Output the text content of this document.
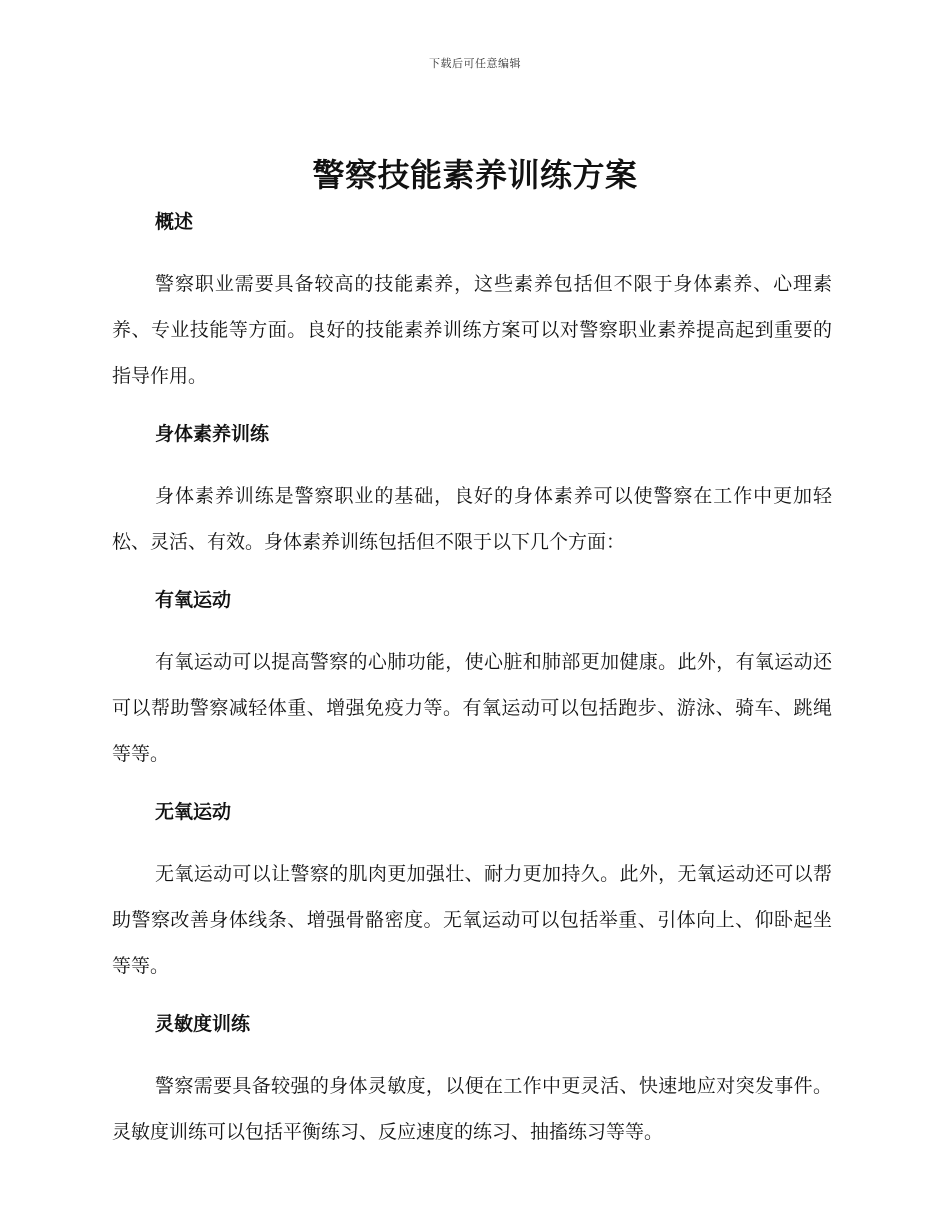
下载后可任意编辑
警察技能素养训练方案
概述

警察职业需要具备较高的技能素养，这些素养包括但不限于身体素养、心理素养、专业技能等方面。良好的技能素养训练方案可以对警察职业素养提高起到重要的指导作用。

身体素养训练

身体素养训练是警察职业的基础，良好的身体素养可以使警察在工作中更加轻松、灵活、有效。身体素养训练包括但不限于以下几个方面：

有氧运动

有氧运动可以提高警察的心肺功能，使心脏和肺部更加健康。此外，有氧运动还可以帮助警察减轻体重、增强免疫力等。有氧运动可以包括跑步、游泳、骑车、跳绳等等。

无氧运动

无氧运动可以让警察的肌肉更加强壮、耐力更加持久。此外，无氧运动还可以帮助警察改善身体线条、增强骨骼密度。无氧运动可以包括举重、引体向上、仰卧起坐等等。

灵敏度训练

警察需要具备较强的身体灵敏度，以便在工作中更灵活、快速地应对突发事件。灵敏度训练可以包括平衡练习、反应速度的练习、抽搐练习等等。
